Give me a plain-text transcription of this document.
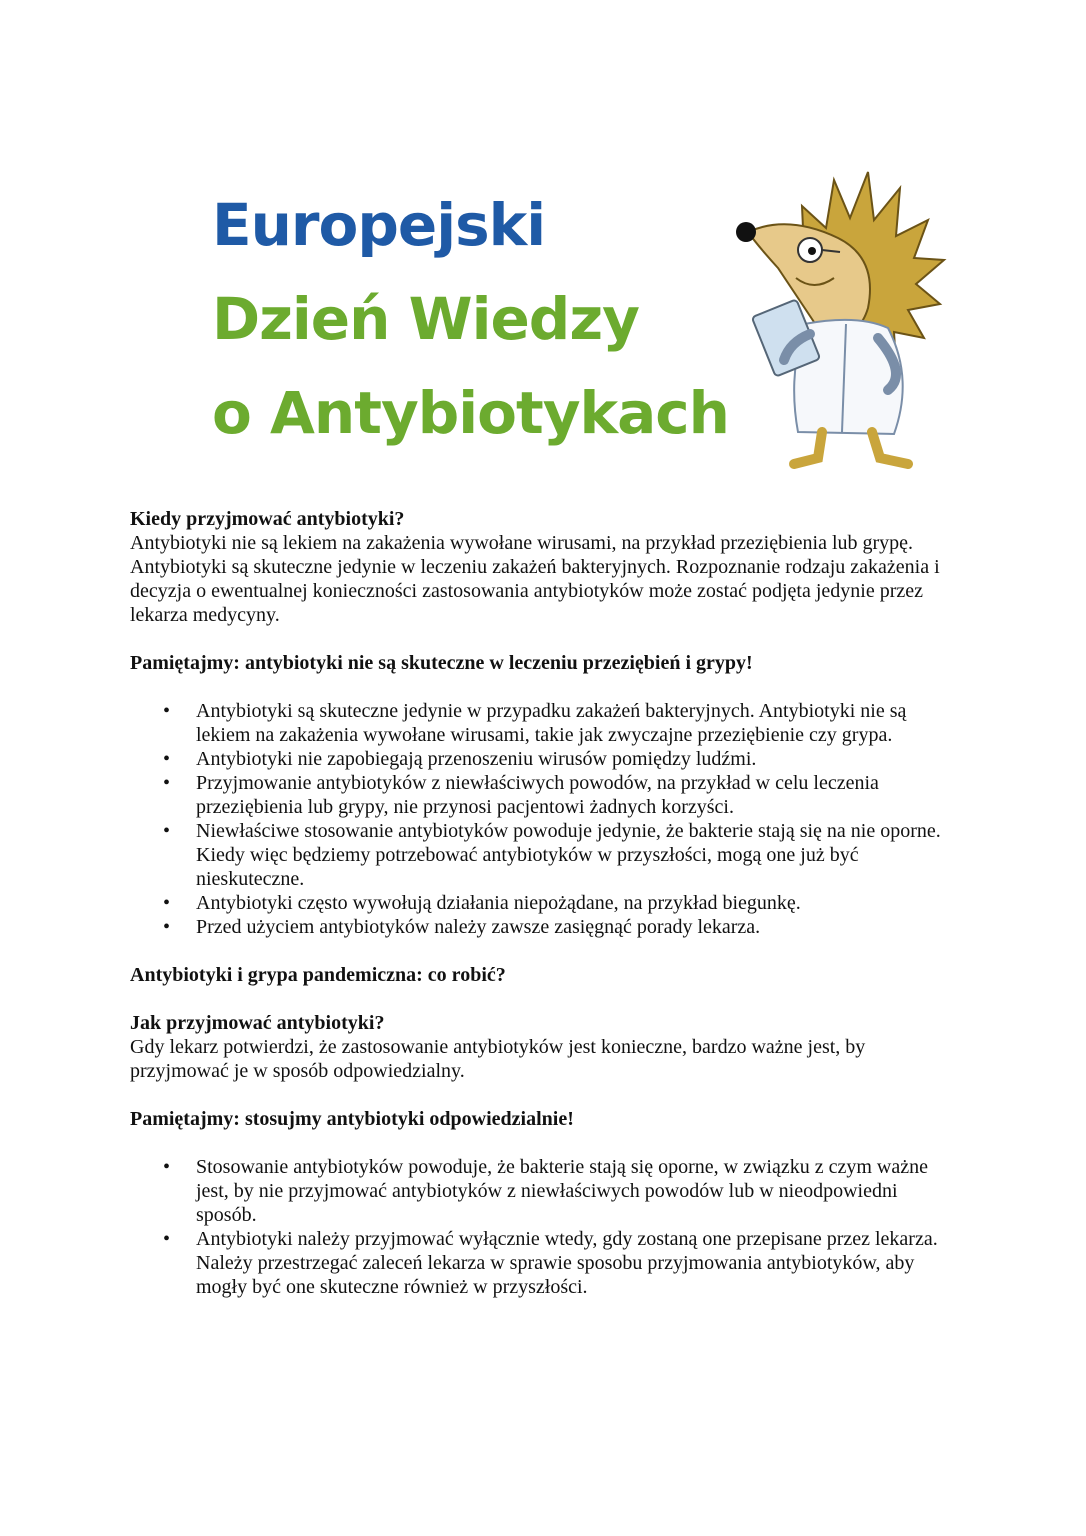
Europejski
Dzień Wiedzy
o Antybiotykach

Kiedy przyjmować antybiotyki?

Antybiotyki nie są lekiem na zakażenia wywołane wirusami, na przykład przeziębienia lub grypę. Antybiotyki są skuteczne jedynie w leczeniu zakażeń bakteryjnych. Rozpoznanie rodzaju zakażenia i decyzja o ewentualnej konieczności zastosowania antybiotyków może zostać podjęta jedynie przez lekarza medycyny.

Pamiętajmy: antybiotyki nie są skuteczne w leczeniu przeziębień i grypy!

• Antybiotyki są skuteczne jedynie w przypadku zakażeń bakteryjnych. Antybiotyki nie są lekiem na zakażenia wywołane wirusami, takie jak zwyczajne przeziębienie czy grypa.
• Antybiotyki nie zapobiegają przenoszeniu wirusów pomiędzy ludźmi.
• Przyjmowanie antybiotyków z niewłaściwych powodów, na przykład w celu leczenia przeziębienia lub grypy, nie przynosi pacjentowi żadnych korzyści.
• Niewłaściwe stosowanie antybiotyków powoduje jedynie, że bakterie stają się na nie oporne. Kiedy więc będziemy potrzebować antybiotyków w przyszłości, mogą one już być nieskuteczne.
• Antybiotyki często wywołują działania niepożądane, na przykład biegunkę.
• Przed użyciem antybiotyków należy zawsze zasięgnąć porady lekarza.

Antybiotyki i grypa pandemiczna: co robić?

Jak przyjmować antybiotyki?

Gdy lekarz potwierdzi, że zastosowanie antybiotyków jest konieczne, bardzo ważne jest, by przyjmować je w sposób odpowiedzialny.

Pamiętajmy: stosujmy antybiotyki odpowiedzialnie!

• Stosowanie antybiotyków powoduje, że bakterie stają się oporne, w związku z czym ważne jest, by nie przyjmować antybiotyków z niewłaściwych powodów lub w nieodpowiedni sposób.
• Antybiotyki należy przyjmować wyłącznie wtedy, gdy zostaną one przepisane przez lekarza. Należy przestrzegać zaleceń lekarza w sprawie sposobu przyjmowania antybiotyków, aby mogły być one skuteczne również w przyszłości.
